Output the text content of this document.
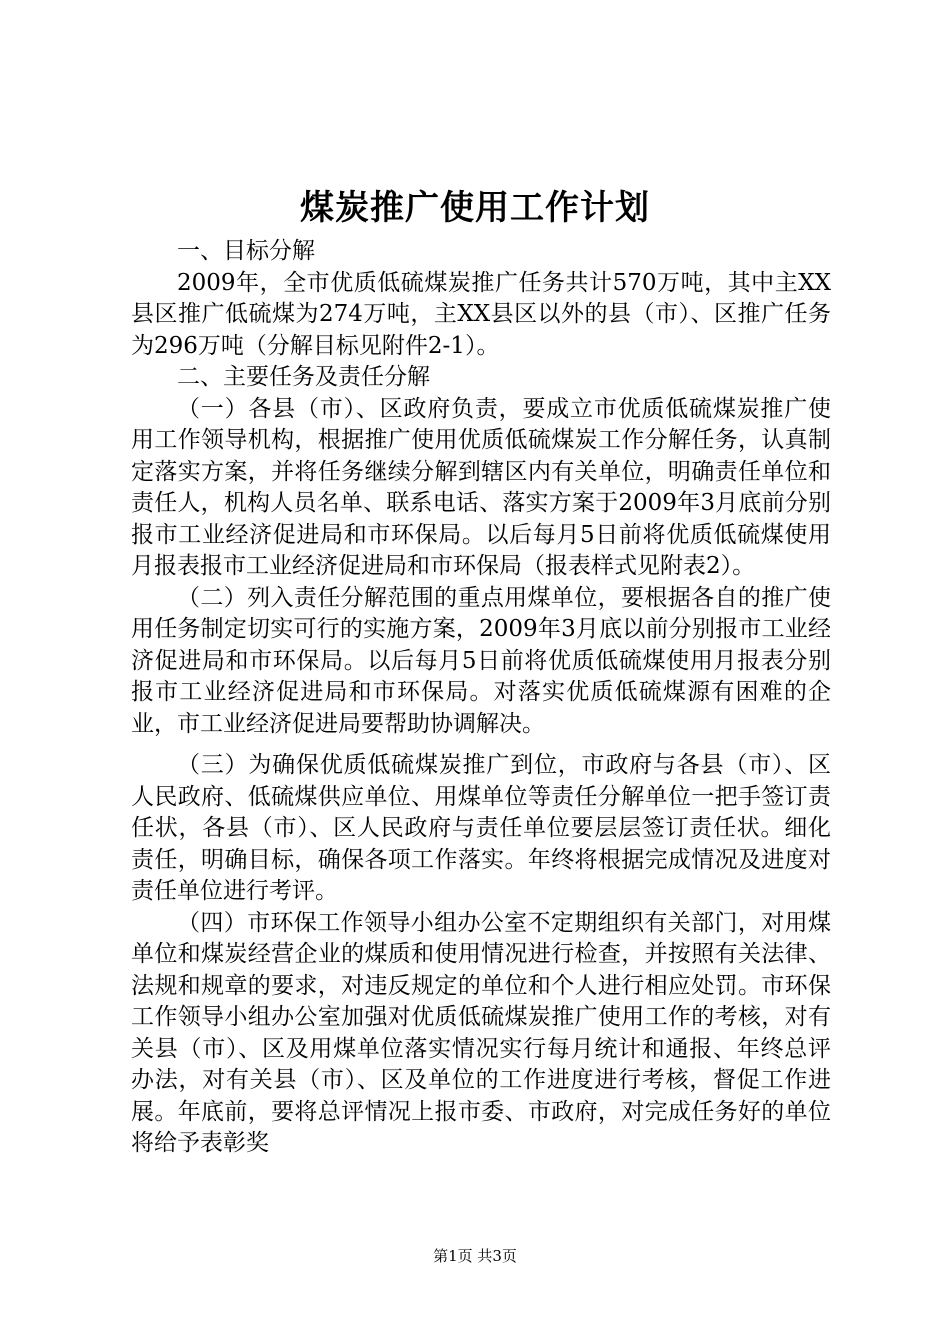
煤炭推广使用工作计划

一、目标分解

2009年，全市优质低硫煤炭推广任务共计570万吨，其中主XX县区推广低硫煤为274万吨，主XX县区以外的县（市）、区推广任务为296万吨（分解目标见附件2-1）。

二、主要任务及责任分解

（一）各县（市）、区政府负责，要成立市优质低硫煤炭推广使用工作领导机构，根据推广使用优质低硫煤炭工作分解任务，认真制定落实方案，并将任务继续分解到辖区内有关单位，明确责任单位和责任人，机构人员名单、联系电话、落实方案于2009年3月底前分别报市工业经济促进局和市环保局。以后每月5日前将优质低硫煤使用月报表报市工业经济促进局和市环保局（报表样式见附表2）。

（二）列入责任分解范围的重点用煤单位，要根据各自的推广使用任务制定切实可行的实施方案，2009年3月底以前分别报市工业经济促进局和市环保局。以后每月5日前将优质低硫煤使用月报表分别报市工业经济促进局和市环保局。对落实优质低硫煤源有困难的企业，市工业经济促进局要帮助协调解决。

（三）为确保优质低硫煤炭推广到位，市政府与各县（市）、区人民政府、低硫煤供应单位、用煤单位等责任分解单位一把手签订责任状，各县（市）、区人民政府与责任单位要层层签订责任状。细化责任，明确目标，确保各项工作落实。年终将根据完成情况及进度对责任单位进行考评。

（四）市环保工作领导小组办公室不定期组织有关部门，对用煤单位和煤炭经营企业的煤质和使用情况进行检查，并按照有关法律、法规和规章的要求，对违反规定的单位和个人进行相应处罚。市环保工作领导小组办公室加强对优质低硫煤炭推广使用工作的考核，对有关县（市）、区及用煤单位落实情况实行每月统计和通报、年终总评办法，对有关县（市）、区及单位的工作进度进行考核，督促工作进展。年底前，要将总评情况上报市委、市政府，对完成任务好的单位将给予表彰奖

第1页 共3页
